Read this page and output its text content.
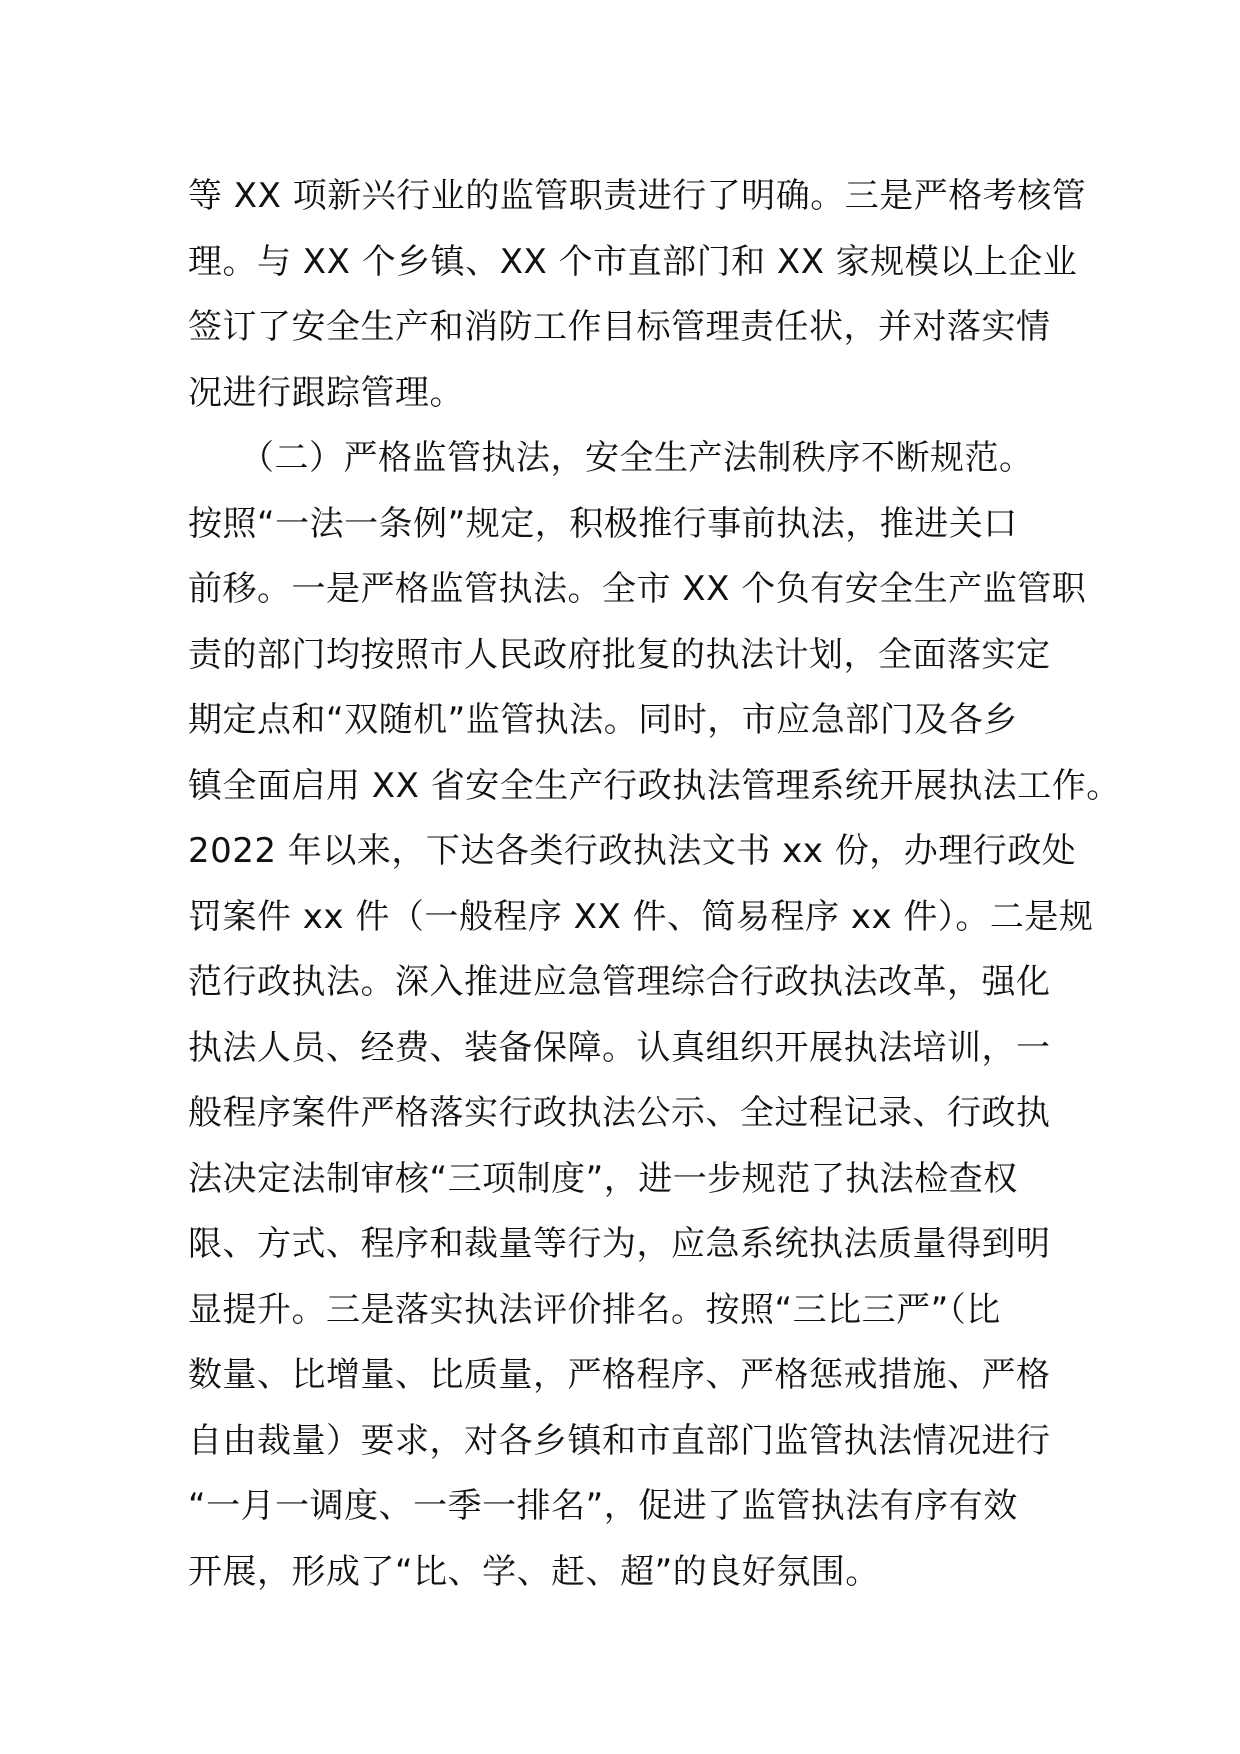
等 XX 项新兴行业的监管职责进行了明确。三是严格考核管
理。与 XX 个乡镇、XX 个市直部门和 XX 家规模以上企业
签订了安全生产和消防工作目标管理责任状，并对落实情
况进行跟踪管理。
　　（二）严格监管执法，安全生产法制秩序不断规范。
按照“一法一条例”规定，积极推行事前执法，推进关口
前移。一是严格监管执法。全市 XX 个负有安全生产监管职
责的部门均按照市人民政府批复的执法计划，全面落实定
期定点和“双随机”监管执法。同时，市应急部门及各乡
镇全面启用 XX 省安全生产行政执法管理系统开展执法工作。
2022 年以来，下达各类行政执法文书 xx 份，办理行政处
罚案件 xx 件（一般程序 XX 件、简易程序 xx 件）。二是规
范行政执法。深入推进应急管理综合行政执法改革，强化
执法人员、经费、装备保障。认真组织开展执法培训，一
般程序案件严格落实行政执法公示、全过程记录、行政执
法决定法制审核“三项制度”，进一步规范了执法检查权
限、方式、程序和裁量等行为，应急系统执法质量得到明
显提升。三是落实执法评价排名。按照“三比三严”（比
数量、比增量、比质量，严格程序、严格惩戒措施、严格
自由裁量）要求，对各乡镇和市直部门监管执法情况进行
“一月一调度、一季一排名”，促进了监管执法有序有效
开展，形成了“比、学、赶、超”的良好氛围。
